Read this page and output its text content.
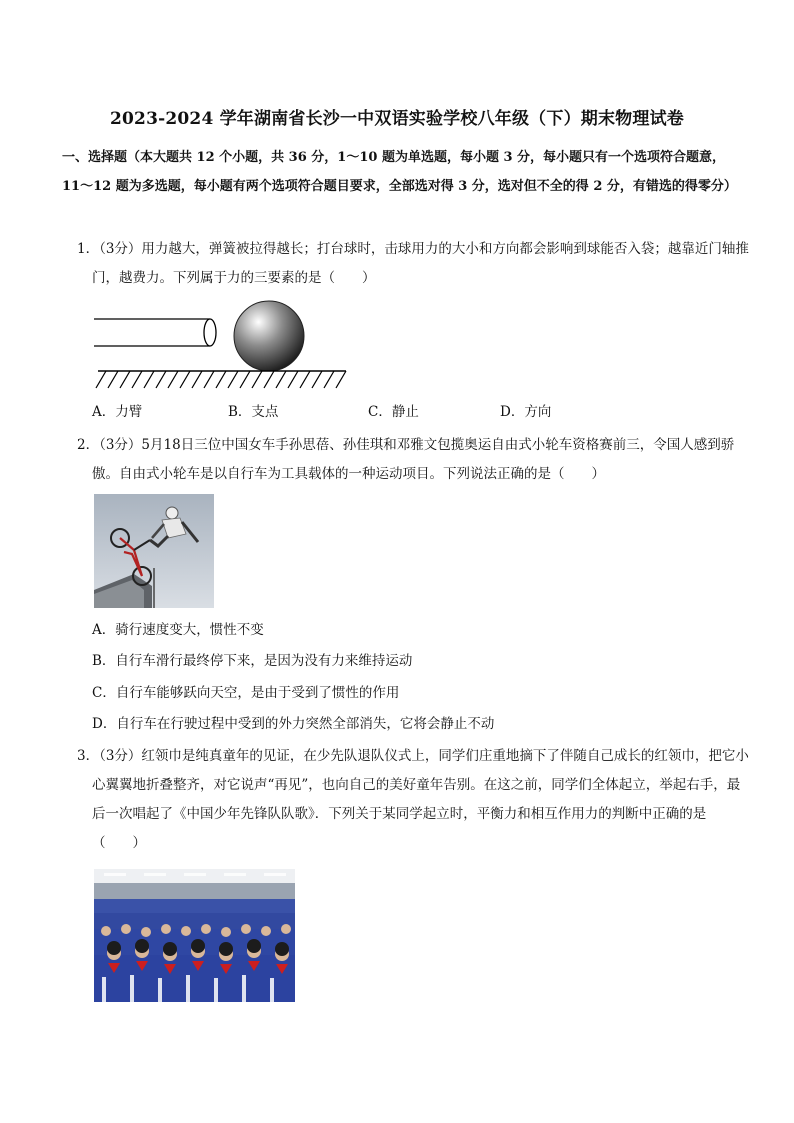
2023-2024 学年湖南省长沙一中双语实验学校八年级（下）期末物理试卷
一、选择题（本大题共 12 个小题，共 36 分，1～10 题为单选题，每小题 3 分，每小题只有一个选项符合题意，11～12 题为多选题，每小题有两个选项符合题目要求，全部选对得 3 分，选对但不全的得 2 分，有错选的得零分）
1．（3分）用力越大，弹簧被拉得越长；打台球时，击球用力的大小和方向都会影响到球能否入袋；越靠近门轴推门，越费力。下列属于力的三要素的是（　　）
A．力臂	B．支点	C．静止	D．方向
2．（3分）5月18日三位中国女车手孙思蓓、孙佳琪和邓雅文包揽奥运自由式小轮车资格赛前三，令国人感到骄傲。自由式小轮车是以自行车为工具载体的一种运动项目。下列说法正确的是（　　）
A．骑行速度变大，惯性不变
B．自行车滑行最终停下来，是因为没有力来维持运动
C．自行车能够跃向天空，是由于受到了惯性的作用
D．自行车在行驶过程中受到的外力突然全部消失，它将会静止不动
3．（3分）红领巾是纯真童年的见证，在少先队退队仪式上，同学们庄重地摘下了伴随自己成长的红领巾，把它小心翼翼地折叠整齐，对它说声“再见”，也向自己的美好童年告别。在这之前，同学们全体起立，举起右手，最后一次唱起了《中国少年先锋队队歌》．下列关于某同学起立时，平衡力和相互作用力的判断中正确的是（　　）
